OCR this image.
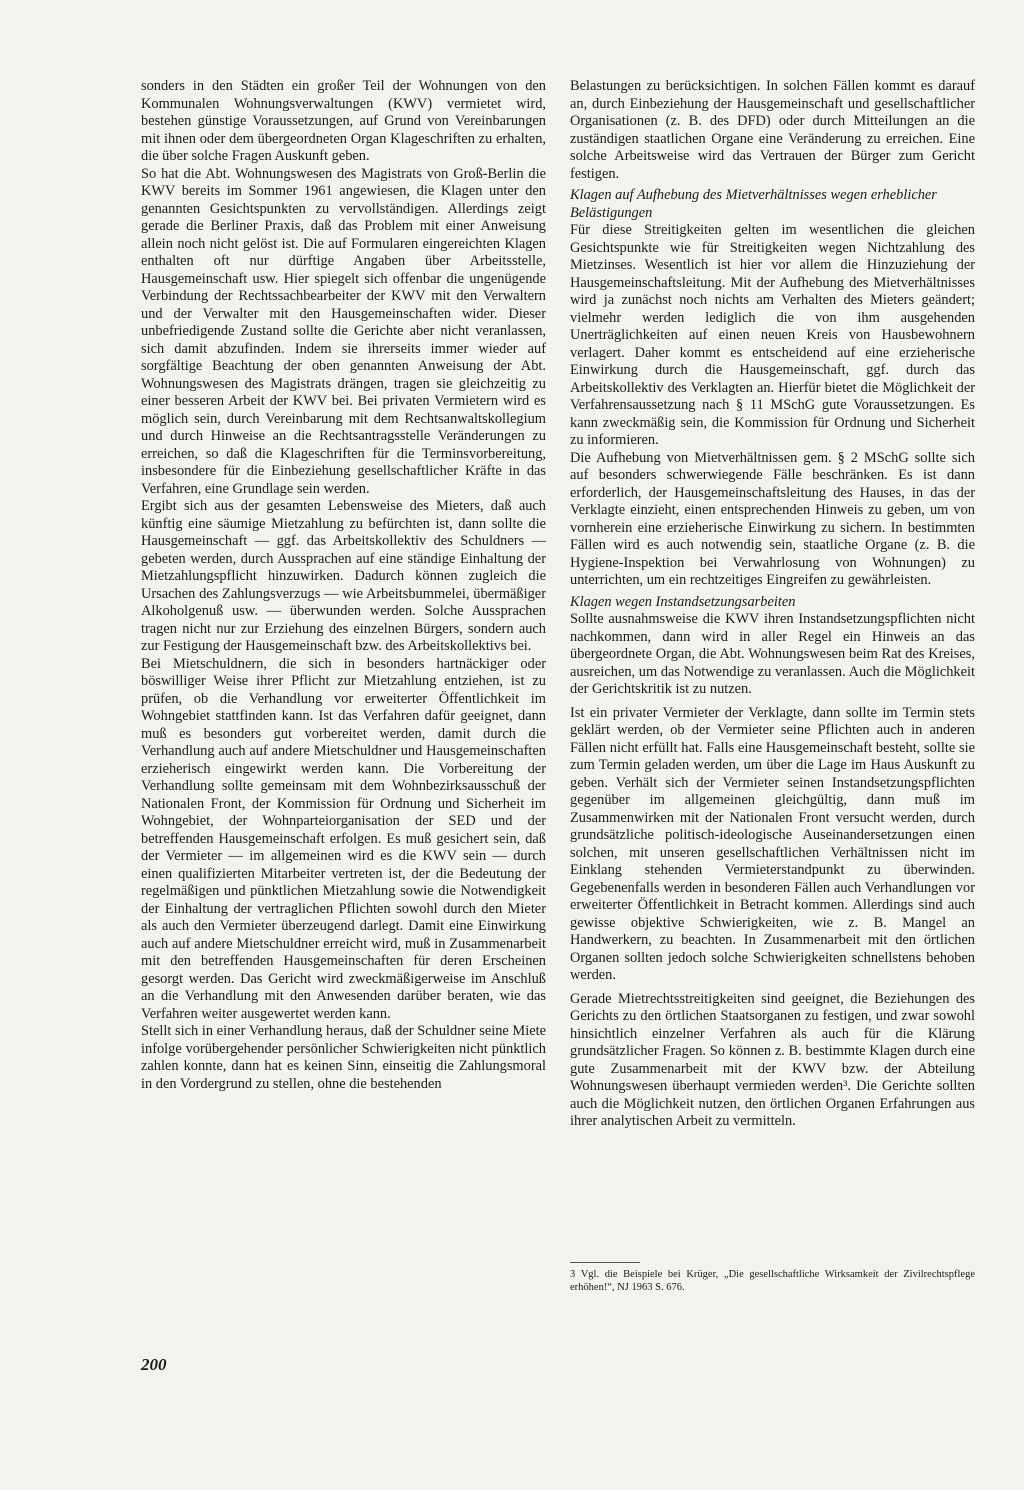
sonders in den Städten ein großer Teil der Wohnungen von den Kommunalen Wohnungsverwaltungen (KWV) vermietet wird, bestehen günstige Voraussetzungen, auf Grund von Vereinbarungen mit ihnen oder dem übergeordneten Organ Klageschriften zu erhalten, die über solche Fragen Auskunft geben.

So hat die Abt. Wohnungswesen des Magistrats von Groß-Berlin die KWV bereits im Sommer 1961 angewiesen, die Klagen unter den genannten Gesichtspunkten zu vervollständigen. Allerdings zeigt gerade die Berliner Praxis, daß das Problem mit einer Anweisung allein noch nicht gelöst ist. Die auf Formularen eingereichten Klagen enthalten oft nur dürftige Angaben über Arbeitsstelle, Hausgemeinschaft usw. Hier spiegelt sich offenbar die ungenügende Verbindung der Rechtssachbearbeiter der KWV mit den Verwaltern und der Verwalter mit den Hausgemeinschaften wider. Dieser unbefriedigende Zustand sollte die Gerichte aber nicht veranlassen, sich damit abzufinden. Indem sie ihrerseits immer wieder auf sorgfältige Beachtung der oben genannten Anweisung der Abt. Wohnungswesen des Magistrats drängen, tragen sie gleichzeitig zu einer besseren Arbeit der KWV bei. Bei privaten Vermietern wird es möglich sein, durch Vereinbarung mit dem Rechtsanwaltskollegium und durch Hinweise an die Rechtsantragsstelle Veränderungen zu erreichen, so daß die Klageschriften für die Terminsvorbereitung, insbesondere für die Einbeziehung gesellschaftlicher Kräfte in das Verfahren, eine Grundlage sein werden.

Ergibt sich aus der gesamten Lebensweise des Mieters, daß auch künftig eine säumige Mietzahlung zu befürchten ist, dann sollte die Hausgemeinschaft — ggf. das Arbeitskollektiv des Schuldners — gebeten werden, durch Aussprachen auf eine ständige Einhaltung der Mietzahlungspflicht hinzuwirken. Dadurch können zugleich die Ursachen des Zahlungsverzugs — wie Arbeitsbummelei, übermäßiger Alkoholgenuß usw. — überwunden werden. Solche Aussprachen tragen nicht nur zur Erziehung des einzelnen Bürgers, sondern auch zur Festigung der Hausgemeinschaft bzw. des Arbeitskollektivs bei.

Bei Mietschuldnern, die sich in besonders hartnäckiger oder böswilliger Weise ihrer Pflicht zur Mietzahlung entziehen, ist zu prüfen, ob die Verhandlung vor erweiterter Öffentlichkeit im Wohngebiet stattfinden kann. Ist das Verfahren dafür geeignet, dann muß es besonders gut vorbereitet werden, damit durch die Verhandlung auch auf andere Mietschuldner und Hausgemeinschaften erzieherisch eingewirkt werden kann. Die Vorbereitung der Verhandlung sollte gemeinsam mit dem Wohnbezirksausschuß der Nationalen Front, der Kommission für Ordnung und Sicherheit im Wohngebiet, der Wohnparteiorganisation der SED und der betreffenden Hausgemeinschaft erfolgen. Es muß gesichert sein, daß der Vermieter — im allgemeinen wird es die KWV sein — durch einen qualifizierten Mitarbeiter vertreten ist, der die Bedeutung der regelmäßigen und pünktlichen Mietzahlung sowie die Notwendigkeit der Einhaltung der vertraglichen Pflichten sowohl durch den Mieter als auch den Vermieter überzeugend darlegt. Damit eine Einwirkung auch auf andere Mietschuldner erreicht wird, muß in Zusammenarbeit mit den betreffenden Hausgemeinschaften für deren Erscheinen gesorgt werden. Das Gericht wird zweckmäßigerweise im Anschluß an die Verhandlung mit den Anwesenden darüber beraten, wie das Verfahren weiter ausgewertet werden kann.

Stellt sich in einer Verhandlung heraus, daß der Schuldner seine Miete infolge vorübergehender persönlicher Schwierigkeiten nicht pünktlich zahlen konnte, dann hat es keinen Sinn, einseitig die Zahlungsmoral in den Vordergrund zu stellen, ohne die bestehenden

Belastungen zu berücksichtigen. In solchen Fällen kommt es darauf an, durch Einbeziehung der Hausgemeinschaft und gesellschaftlicher Organisationen (z. B. des DFD) oder durch Mitteilungen an die zuständigen staatlichen Organe eine Veränderung zu erreichen. Eine solche Arbeitsweise wird das Vertrauen der Bürger zum Gericht festigen.

Klagen auf Aufhebung des Mietverhältnisses wegen erheblicher Belästigungen

Für diese Streitigkeiten gelten im wesentlichen die gleichen Gesichtspunkte wie für Streitigkeiten wegen Nichtzahlung des Mietzinses. Wesentlich ist hier vor allem die Hinzuziehung der Hausgemeinschaftsleitung. Mit der Aufhebung des Mietverhältnisses wird ja zunächst noch nichts am Verhalten des Mieters geändert; vielmehr werden lediglich die von ihm ausgehenden Unerträglichkeiten auf einen neuen Kreis von Hausbewohnern verlagert. Daher kommt es entscheidend auf eine erzieherische Einwirkung durch die Hausgemeinschaft, ggf. durch das Arbeitskollektiv des Verklagten an. Hierfür bietet die Möglichkeit der Verfahrensaussetzung nach § 11 MSchG gute Voraussetzungen. Es kann zweckmäßig sein, die Kommission für Ordnung und Sicherheit zu informieren.

Die Aufhebung von Mietverhältnissen gem. § 2 MSchG sollte sich auf besonders schwerwiegende Fälle beschränken. Es ist dann erforderlich, der Hausgemeinschaftsleitung des Hauses, in das der Verklagte einzieht, einen entsprechenden Hinweis zu geben, um von vornherein eine erzieherische Einwirkung zu sichern. In bestimmten Fällen wird es auch notwendig sein, staatliche Organe (z. B. die Hygiene-Inspektion bei Verwahrlosung von Wohnungen) zu unterrichten, um ein rechtzeitiges Eingreifen zu gewährleisten.

Klagen wegen Instandsetzungsarbeiten

Sollte ausnahmsweise die KWV ihren Instandsetzungspflichten nicht nachkommen, dann wird in aller Regel ein Hinweis an das übergeordnete Organ, die Abt. Wohnungswesen beim Rat des Kreises, ausreichen, um das Notwendige zu veranlassen. Auch die Möglichkeit der Gerichtskritik ist zu nutzen.

Ist ein privater Vermieter der Verklagte, dann sollte im Termin stets geklärt werden, ob der Vermieter seine Pflichten auch in anderen Fällen nicht erfüllt hat. Falls eine Hausgemeinschaft besteht, sollte sie zum Termin geladen werden, um über die Lage im Haus Auskunft zu geben. Verhält sich der Vermieter seinen Instandsetzungspflichten gegenüber im allgemeinen gleichgültig, dann muß im Zusammenwirken mit der Nationalen Front versucht werden, durch grundsätzliche politisch-ideologische Auseinandersetzungen einen solchen, mit unseren gesellschaftlichen Verhältnissen nicht im Einklang stehenden Vermieterstandpunkt zu überwinden. Gegebenenfalls werden in besonderen Fällen auch Verhandlungen vor erweiterter Öffentlichkeit in Betracht kommen. Allerdings sind auch gewisse objektive Schwierigkeiten, wie z. B. Mangel an Handwerkern, zu beachten. In Zusammenarbeit mit den örtlichen Organen sollten jedoch solche Schwierigkeiten schnellstens behoben werden.

Gerade Mietrechtsstreitigkeiten sind geeignet, die Beziehungen des Gerichts zu den örtlichen Staatsorganen zu festigen, und zwar sowohl hinsichtlich einzelner Verfahren als auch für die Klärung grundsätzlicher Fragen. So können z. B. bestimmte Klagen durch eine gute Zusammenarbeit mit der KWV bzw. der Abteilung Wohnungswesen überhaupt vermieden werden³. Die Gerichte sollten auch die Möglichkeit nutzen, den örtlichen Organen Erfahrungen aus ihrer analytischen Arbeit zu vermitteln.

3 Vgl. die Beispiele bei Krüger, „Die gesellschaftliche Wirksamkeit der Zivilrechtspflege erhöhen!“, NJ 1963 S. 676.
200
